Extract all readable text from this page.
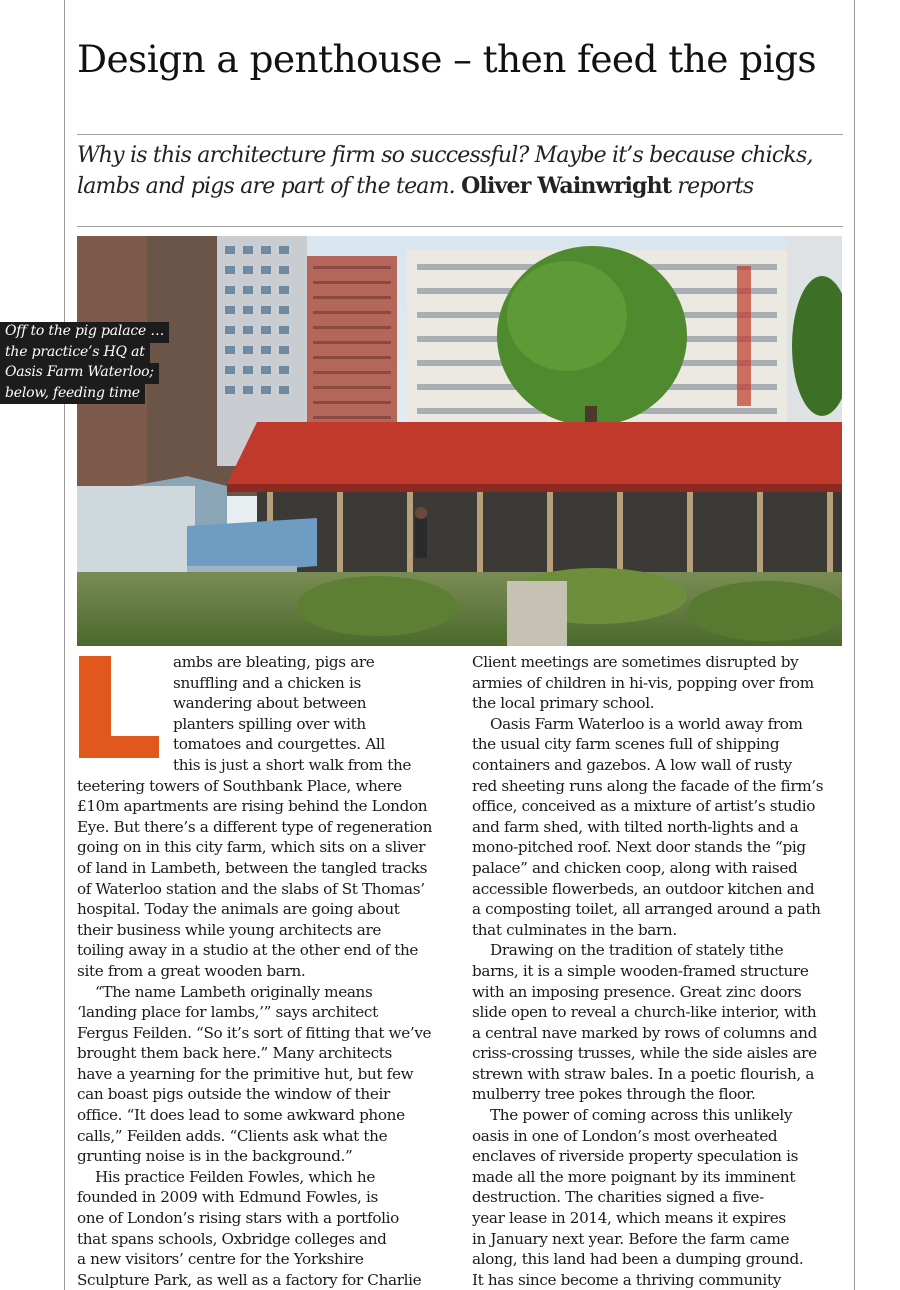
Design a penthouse – then feed the pigs

Why is this architecture firm so successful? Maybe it’s because chicks,
lambs and pigs are part of the team. Oliver Wainwright reports

Off to the pig palace …
the practice’s HQ at
Oasis Farm Waterloo;
below, feeding time
ambs are bleating, pigs are
snuffling and a chicken is
wandering about between
planters spilling over with
tomatoes and courgettes. All
this is just a short walk from the
teetering towers of Southbank Place, where
£10m apartments are rising behind the London
Eye. But there’s a different type of regeneration
going on in this city farm, which sits on a sliver
of land in Lambeth, between the tangled tracks
of Waterloo station and the slabs of St Thomas’
hospital. Today the animals are going about
their business while young architects are
toiling away in a studio at the other end of the
site from a great wooden barn.
“The name Lambeth originally means
‘landing place for lambs,’” says architect
Fergus Feilden. “So it’s sort of fitting that we’ve
brought them back here.” Many architects
have a yearning for the primitive hut, but few
can boast pigs outside the window of their
office. “It does lead to some awkward phone
calls,” Feilden adds. “Clients ask what the
grunting noise is in the background.”
His practice Feilden Fowles, which he
founded in 2009 with Edmund Fowles, is
one of London’s rising stars with a portfolio
that spans schools, Oxbridge colleges and
a new visitors’ centre for the Yorkshire
Sculpture Park, as well as a factory for Charlie
Client meetings are sometimes disrupted by
armies of children in hi-vis, popping over from
the local primary school.
Oasis Farm Waterloo is a world away from
the usual city farm scenes full of shipping
containers and gazebos. A low wall of rusty
red sheeting runs along the facade of the firm’s
office, conceived as a mixture of artist’s studio
and farm shed, with tilted north-lights and a
mono-pitched roof. Next door stands the “pig
palace” and chicken coop, along with raised
accessible flowerbeds, an outdoor kitchen and
a composting toilet, all arranged around a path
that culminates in the barn.
Drawing on the tradition of stately tithe
barns, it is a simple wooden-framed structure
with an imposing presence. Great zinc doors
slide open to reveal a church-like interior, with
a central nave marked by rows of columns and
criss-crossing trusses, while the side aisles are
strewn with straw bales. In a poetic flourish, a
mulberry tree pokes through the floor.
The power of coming across this unlikely
oasis in one of London’s most overheated
enclaves of riverside property speculation is
made all the more poignant by its imminent
destruction. The charities signed a five-
year lease in 2014, which means it expires
in January next year. Before the farm came
along, this land had been a dumping ground.
It has since become a thriving community
